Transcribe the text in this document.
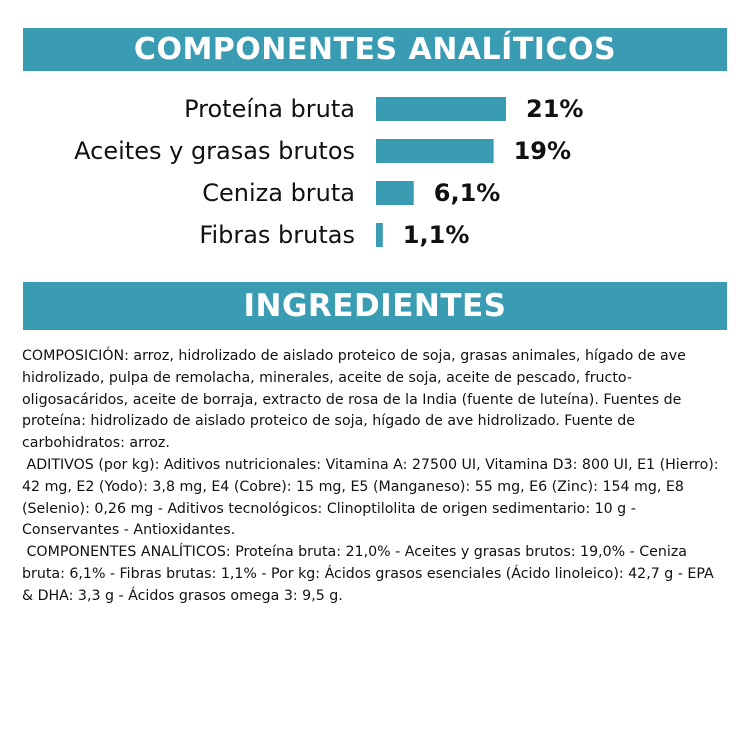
COMPONENTES ANALÍTICOS
Proteína bruta	21%
Aceites y grasas brutos	19%
Ceniza bruta	6,1%
Fibras brutas 1,1%
INGREDIENTES

COMPOSICIÓN: arroz, hidrolizado de aislado proteico de soja, grasas animales, hígado de ave hidrolizado, pulpa de remolacha, minerales, aceite de soja, aceite de pescado, fructo-oligosacáridos, aceite de borraja, extracto de rosa de la India (fuente de luteína). Fuentes de proteína: hidrolizado de aislado proteico de soja, hígado de ave hidrolizado. Fuente de carbohidratos: arroz.

ADITIVOS (por kg): Aditivos nutricionales: Vitamina A: 27500 UI, Vitamina D3: 800 UI, E1 (Hierro): 42 mg, E2 (Yodo): 3,8 mg, E4 (Cobre): 15 mg, E5 (Manganeso): 55 mg, E6 (Zinc): 154 mg, E8 (Selenio): 0,26 mg - Aditivos tecnológicos: Clinoptilolita de origen sedimentario: 10 g - Conservantes - Antioxidantes.

COMPONENTES ANALÍTICOS: Proteína bruta: 21,0% - Aceites y grasas brutos: 19,0% - Ceniza bruta: 6,1% - Fibras brutas: 1,1% - Por kg: Ácidos grasos esenciales (Ácido linoleico): 42,7 g - EPA & DHA: 3,3 g - Ácidos grasos omega 3: 9,5 g.
